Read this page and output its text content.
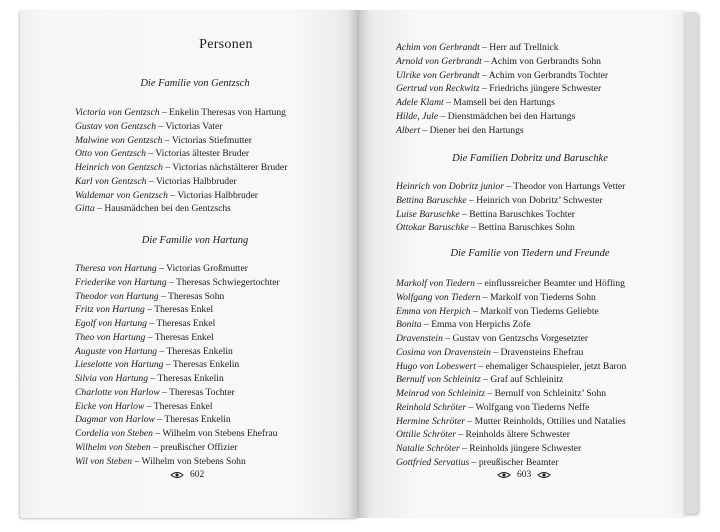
Personen
Die Familie von Gentzsch
Victoria von Gentzsch – Enkelin Theresas von Hartung
Gustav von Gentzsch – Victorias Vater
Malwine von Gentzsch – Victorias Stiefmutter
Otto von Gentzsch – Victorias ältester Bruder
Heinrich von Gentzsch – Victorias nächstälterer Bruder
Karl von Gentzsch – Victorias Halbbruder
Waldemar von Gentzsch – Victorias Halbbruder
Gitta – Hausmädchen bei den Gentzschs
Die Familie von Hartung
Theresa von Hartung – Victorias Großmutter
Friederike von Hartung – Theresas Schwiegertochter
Theodor von Hartung – Theresas Sohn
Fritz von Hartung – Theresas Enkel
Egolf von Hartung – Theresas Enkel
Theo von Hartung – Theresas Enkel
Auguste von Hartung – Theresas Enkelin
Lieselotte von Hartung – Theresas Enkelin
Silvia von Hartung – Theresas Enkelin
Charlotte von Harlow – Theresas Tochter
Eicke von Harlow – Theresas Enkel
Dagmar von Harlow – Theresas Enkelin
Cordelia von Steben – Wilhelm von Stebens Ehefrau
Wilhelm von Steben – preußischer Offizier
Wil von Steben – Wilhelm von Stebens Sohn
602
Achim von Gerbrandt – Herr auf Trellnick
Arnold von Gerbrandt – Achim von Gerbrandts Sohn
Ulrike von Gerbrandt – Achim von Gerbrandts Tochter
Gertrud von Reckwitz – Friedrichs jüngere Schwester
Adele Klamt – Mamsell bei den Hartungs
Hilde, Jule – Dienstmädchen bei den Hartungs
Albert – Diener bei den Hartungs
Die Familien Dobritz und Baruschke
Heinrich von Dobritz junior – Theodor von Hartungs Vetter
Bettina Baruschke – Heinrich von Dobritz’ Schwester
Luise Baruschke – Bettina Baruschkes Tochter
Ottokar Baruschke – Bettina Baruschkes Sohn
Die Familie von Tiedern und Freunde
Markolf von Tiedern – einflussreicher Beamter und Höfling
Wolfgang von Tiedern – Markolf von Tiederns Sohn
Emma von Herpich – Markolf von Tiederns Geliebte
Bonita – Emma von Herpichs Zofe
Dravenstein – Gustav von Gentzschs Vorgesetzter
Cosima von Dravenstein – Dravensteins Ehefrau
Hugo von Lobeswert – ehemaliger Schauspieler, jetzt Baron
Bernulf von Schleinitz – Graf auf Schleinitz
Meinrad von Schleinitz – Bernulf von Schleinitz’ Sohn
Reinhold Schröter – Wolfgang von Tiederns Neffe
Hermine Schröter – Mutter Reinholds, Ottilies und Natalies
Ottilie Schröter – Reinholds ältere Schwester
Natalie Schröter – Reinholds jüngere Schwester
Gottfried Servatius – preußischer Beamter
603
